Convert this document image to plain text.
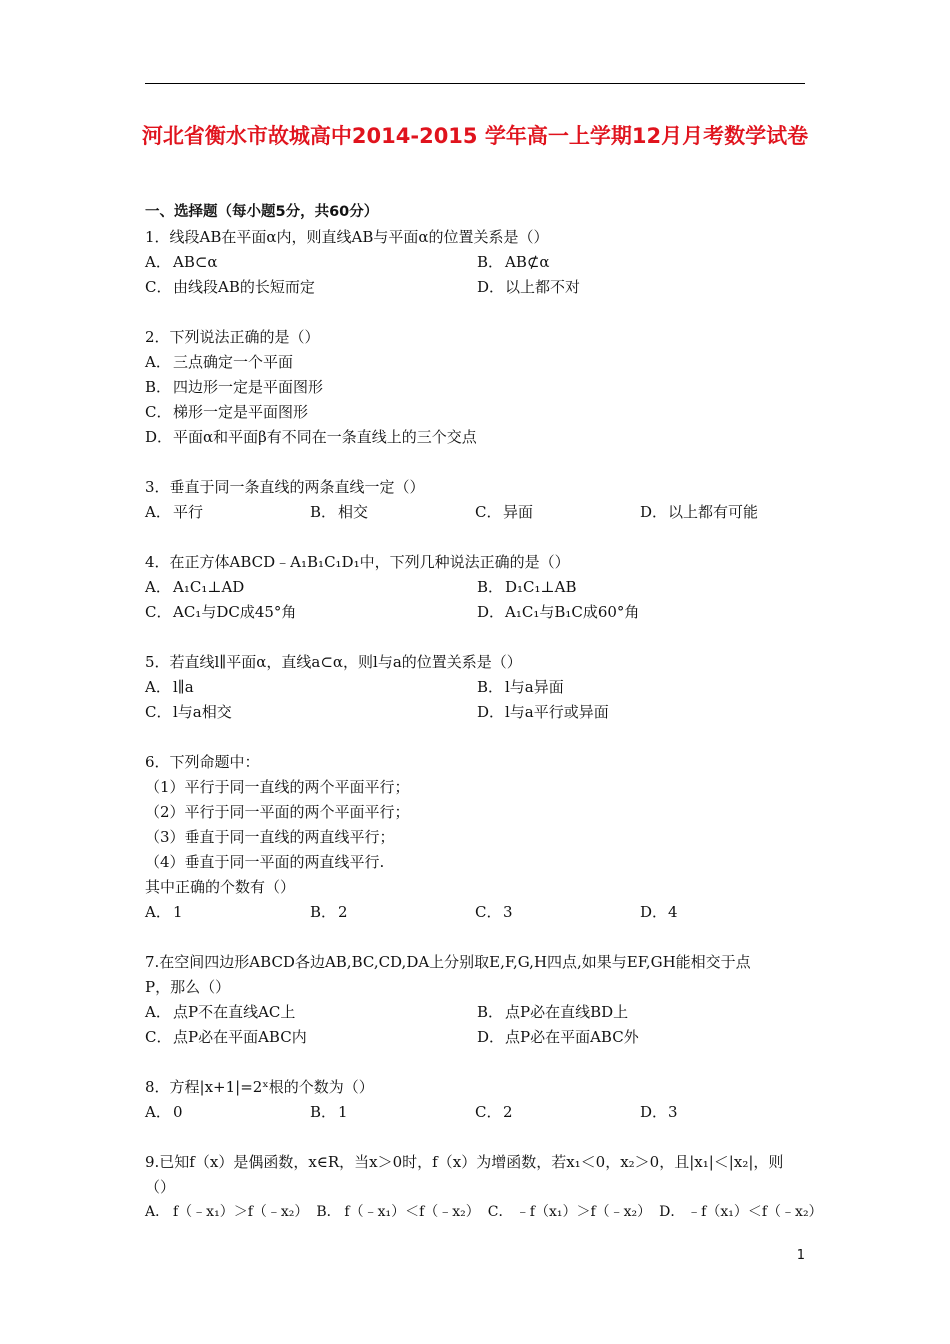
河北省衡水市故城高中2014-2015 学年高一上学期12月月考数学试卷
一、选择题（每小题5分，共60分）
1．线段AB在平面α内，则直线AB与平面α的位置关系是（）
A． AB⊂α	B． AB⊄α
C． 由线段AB的长短而定	D．以上都不对
2．下列说法正确的是（）
A． 三点确定一个平面
B． 四边形一定是平面图形
C． 梯形一定是平面图形
D．平面α和平面β有不同在一条直线上的三个交点
3．垂直于同一条直线的两条直线一定（）
A． 平行	B． 相交	C． 异面	D．以上都有可能
4．在正方体ABCD﹣A₁B₁C₁D₁中，下列几种说法正确的是（）
A． A₁C₁⊥AD	B． D₁C₁⊥AB
C． AC₁与DC成45°角	D．A₁C₁与B₁C成60°角
5．若直线l∥平面α，直线a⊂α，则l与a的位置关系是（）
A． l∥a	B． l与a异面
C． l与a相交	D．l与a平行或异面
6．下列命题中：
（1）平行于同一直线的两个平面平行；
（2）平行于同一平面的两个平面平行；
（3）垂直于同一直线的两直线平行；
（4）垂直于同一平面的两直线平行.
其中正确的个数有（）
A． 1	B． 2	C． 3	D．4
7.在空间四边形ABCD各边AB,BC,CD,DA上分别取E,F,G,H四点,如果与EF,GH能相交于点
P，那么（）
A． 点P不在直线AC上	B． 点P必在直线BD上
C． 点P必在平面ABC内	D．点P必在平面ABC外
8．方程|x+1|=2ˣ根的个数为（）
A． 0	B． 1	C． 2	D．3
9.已知f（x）是偶函数，x∈R，当x＞0时，f（x）为增函数，若x₁＜0，x₂＞0，且|x₁|＜|x₂|，则
（）
A． f（﹣x₁）＞f（﹣x₂） B． f（﹣x₁）＜f（﹣x₂） C． ﹣f（x₁）＞f（﹣x₂） D． ﹣f（x₁）＜f（﹣x₂）
1
